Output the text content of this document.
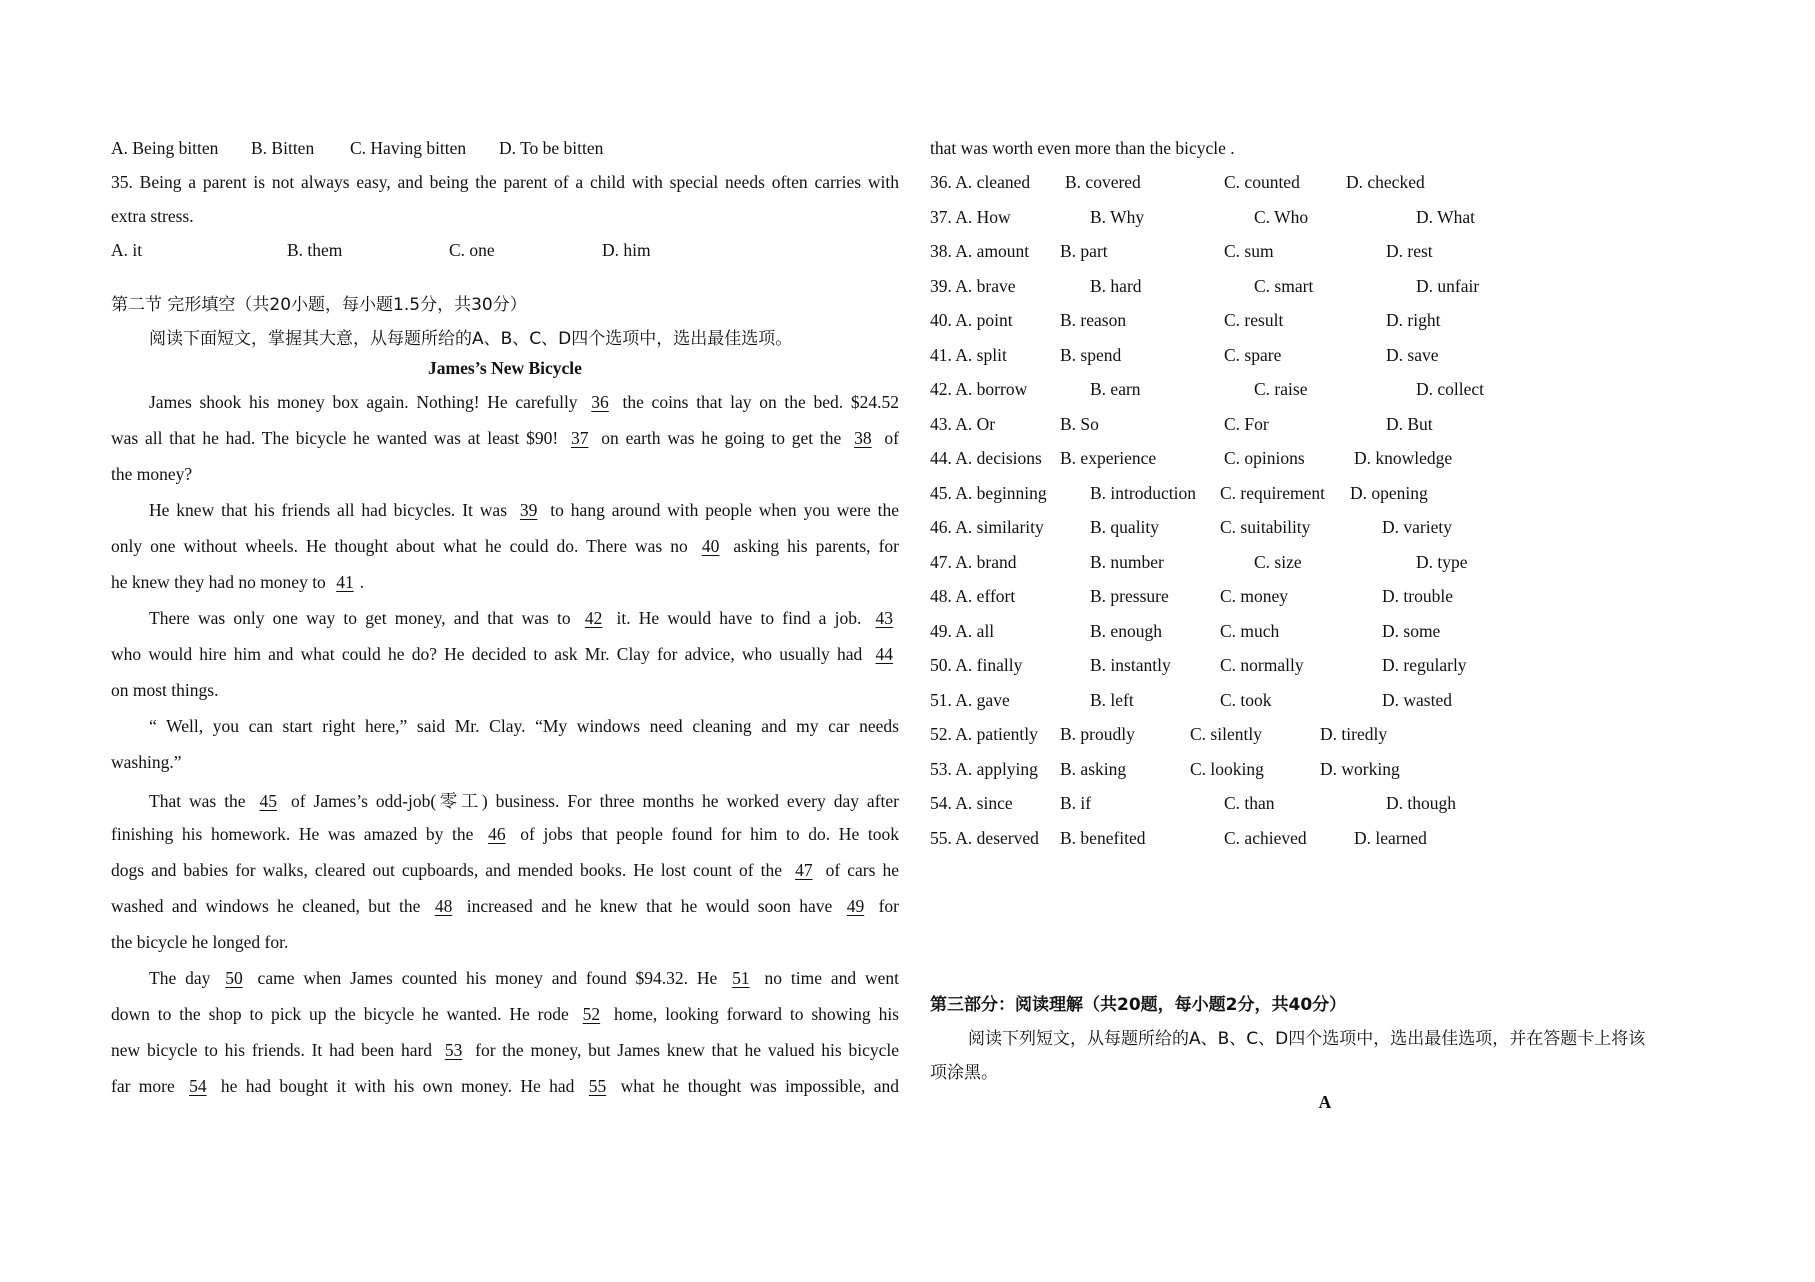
A. Being bitten	B. Bitten	C. Having bitten	D. To be bitten

35. Being a parent is not always easy, and being the parent of a child with special needs often carries with

extra stress.

A. it	B. them	C. one	D. him

第二节 完形填空（共20小题，每小题1.5分，共30分）

阅读下面短文，掌握其大意，从每题所给的A、B、C、D四个选项中，选出最佳选项。

James’s New Bicycle

James shook his money box again. Nothing! He carefully 36 the coins that lay on the bed. $24.52

was all that he had. The bicycle he wanted was at least $90! 37 on earth was he going to get the 38 of

the money?

He knew that his friends all had bicycles. It was 39 to hang around with people when you were the

only one without wheels. He thought about what he could do. There was no 40 asking his parents, for

he knew they had no money to 41 .

There was only one way to get money, and that was to 42 it. He would have to find a job. 43

who would hire him and what could he do? He decided to ask Mr. Clay for advice, who usually had 44

on most things.

“ Well, you can start right here,” said Mr. Clay. “My windows need cleaning and my car needs

washing.”

That was the 45 of James’s odd-job(零工) business. For three months he worked every day after

finishing his homework. He was amazed by the 46 of jobs that people found for him to do. He took

dogs and babies for walks, cleared out cupboards, and mended books. He lost count of the 47 of cars he

washed and windows he cleaned, but the 48 increased and he knew that he would soon have 49 for

the bicycle he longed for.

The day 50 came when James counted his money and found $94.32. He 51 no time and went

down to the shop to pick up the bicycle he wanted. He rode 52 home, looking forward to showing his

new bicycle to his friends. It had been hard 53 for the money, but James knew that he valued his bicycle

far more 54 he had bought it with his own money. He had 55 what he thought was impossible, and

that was worth even more than the bicycle .

36. A. cleaned	B. covered	C. counted	D. checked
37. A. How	B. Why	C. Who	D. What
38. A. amount	B. part	C. sum	D. rest
39. A. brave	B. hard	C. smart	D. unfair
40. A. point	B. reason	C. result	D. right
41. A. split	B. spend	C. spare	D. save
42. A. borrow	B. earn	C. raise	D. collect
43. A. Or	B. So	C. For	D. But
44. A. decisions	B. experience	C. opinions	D. knowledge
45. A. beginning	B. introduction	C. requirement	D. opening
46. A. similarity	B. quality	C. suitability	D. variety
47. A. brand	B. number	C. size	D. type
48. A. effort	B. pressure	C. money	D. trouble
49. A. all	B. enough	C. much	D. some
50. A. finally	B. instantly	C. normally	D. regularly
51. A. gave	B. left	C. took	D. wasted
52. A. patiently	B. proudly	C. silently	D. tiredly
53. A. applying	B. asking	C. looking	D. working
54. A. since	B. if	C. than	D. though
55. A. deserved	B. benefited	C. achieved	D. learned

第三部分：阅读理解（共20题，每小题2分，共40分）

阅读下列短文，从每题所给的A、B、C、D四个选项中，选出最佳选项，并在答题卡上将该

项涂黑。

A
